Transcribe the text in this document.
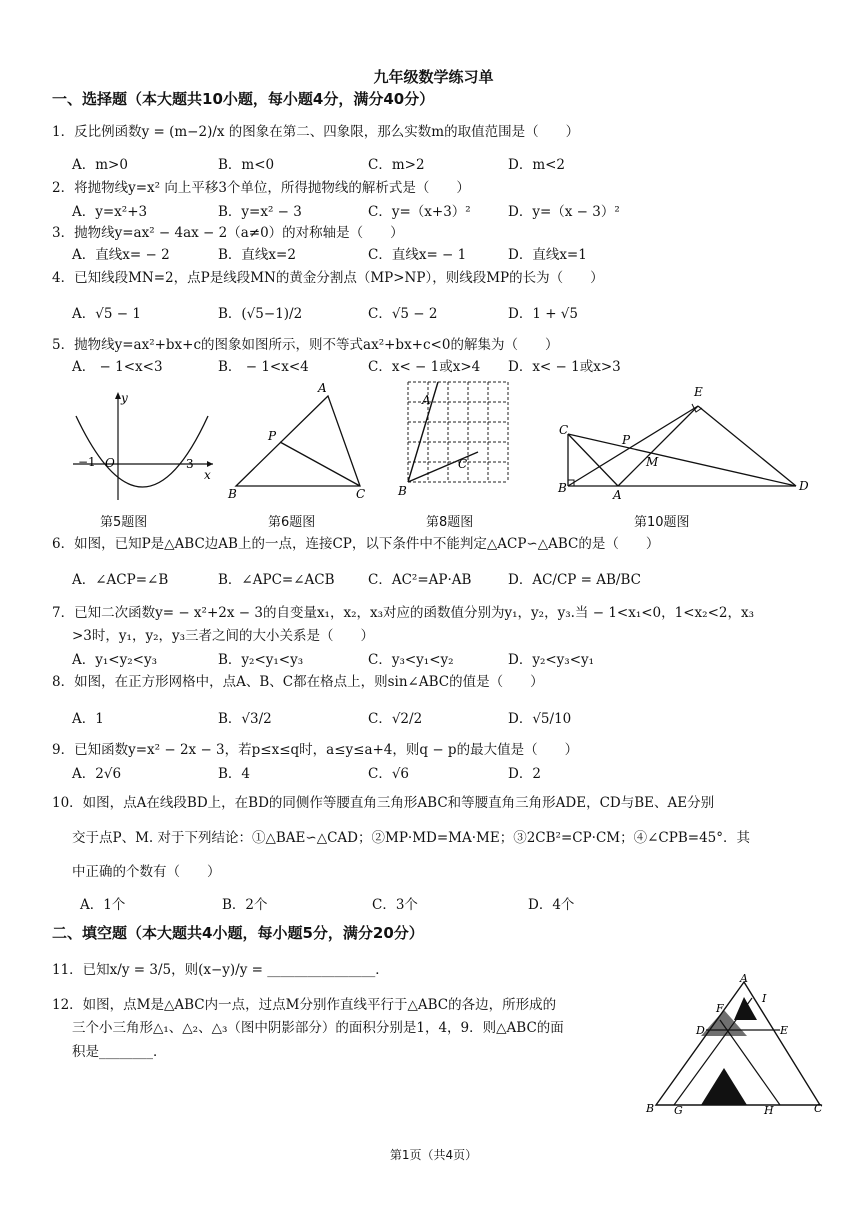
九年级数学练习单
一、选择题（本大题共10小题，每小题4分，满分40分）
1．反比例函数y = (m−2)/x 的图象在第二、四象限，那么实数m的取值范围是（　　）
A．m>0	B．m<0	C．m>2	D．m<2
2．将抛物线y=x² 向上平移3个单位，所得抛物线的解析式是（　　）
A．y=x²+3	B．y=x² − 3	C．y=（x+3）²	D．y=（x − 3）²
3．抛物线y=ax² − 4ax − 2（a≠0）的对称轴是（　　）
A．直线x= − 2	B．直线x=2	C．直线x= − 1	D．直线x=1
4．已知线段MN=2，点P是线段MN的黄金分割点（MP>NP），则线段MP的长为（　　）
A．√5 − 1	B．(√5−1)/2	C．√5 − 2	D．1 + √5
5．抛物线y=ax²+bx+c的图象如图所示，则不等式ax²+bx+c<0的解集为（　　）
A． − 1<x<3	B． − 1<x<4	C．x< − 1或x>4 D．x< − 1或x>3
y
x
−1 O	3
第5题图
A
P
B	C
第6题图
A
B
C
第8题图
E
C
P
M
B	A
D
第10题图
6．如图，已知P是△ABC边AB上的一点，连接CP，以下条件中不能判定△ACP∽△ABC的是（　　）
A．∠ACP=∠B	B．∠APC=∠ACB C．AC²=AP·AB	D．AC/CP = AB/BC
7．已知二次函数y= − x²+2x − 3的自变量x₁，x₂，x₃对应的函数值分别为y₁，y₂，y₃.当 − 1<x₁<0，1<x₂<2，x₃
>3时，y₁，y₂，y₃三者之间的大小关系是（　　）
A．y₁<y₂<y₃	B．y₂<y₁<y₃	C．y₃<y₁<y₂	D．y₂<y₃<y₁
8．如图，在正方形网格中，点A、B、C都在格点上，则sin∠ABC的值是（　　）
A．1	B．√3/2	C．√2/2	D．√5/10
9．已知函数y=x² − 2x − 3，若p≤x≤q时，a≤y≤a+4，则q − p的最大值是（　　）
A．2√6	B．4	C．√6	D．2
10．如图，点A在线段BD上，在BD的同侧作等腰直角三角形ABC和等腰直角三角形ADE，CD与BE、AE分别
交于点P、M. 对于下列结论：①△BAE∽△CAD；②MP·MD=MA·ME；③2CB²=CP·CM；④∠CPB=45°．其
中正确的个数有（　　）
A．1个	B．2个	C．3个	D．4个
二、填空题（本大题共4小题，每小题5分，满分20分）
11．已知x/y = 3/5，则(x−y)/y = ________________．
12．如图，点M是△ABC内一点，过点M分别作直线平行于△ABC的各边，所形成的
三个小三角形△₁、△₂、△₃（图中阴影部分）的面积分别是1，4，9．则△ABC的面
积是________．
A
I
F
D	E
M
B G	H	C
第1页（共4页）
